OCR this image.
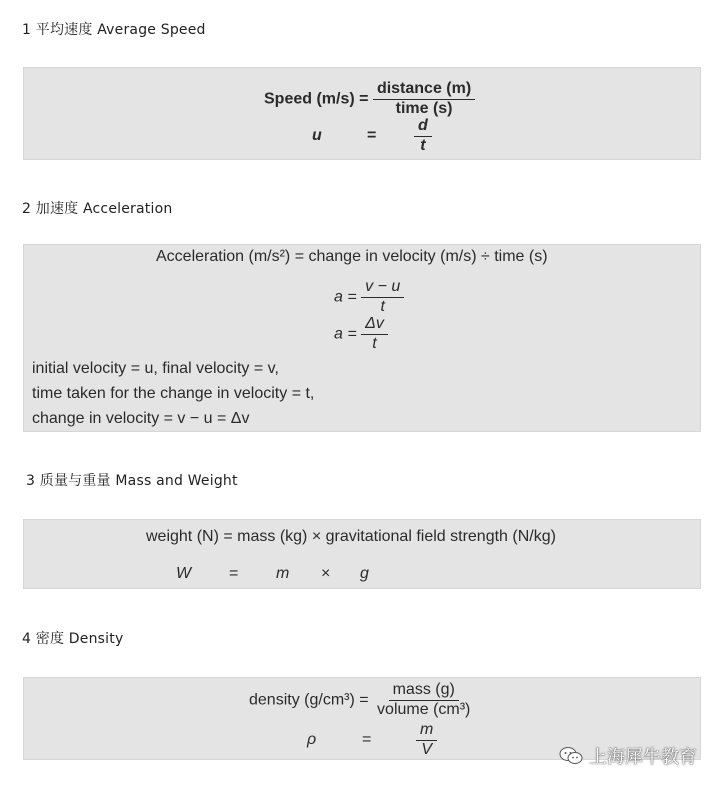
1 平均速度 Average Speed
Speed $(m/s) = \frac{\text{distance (m)}}{\text{time (s)}}$
u	= $\frac{d}{t}$
2 加速度 Acceleration
Acceleration (m/s²) = change in velocity (m/s) ÷ time (s)
$a = \frac{v - u}{t}$
$a = \frac{\Delta v}{t}$
initial velocity = u, final velocity = v,
time taken for the change in velocity = t,
change in velocity = v − u = Δv
3 质量与重量 Mass and Weight
weight (N) = mass (kg) × gravitational field strength (N/kg)
W = m × g
4 密度 Density
density $(g/cm^3) = \frac{\text{mass (g)}}{\text{volume (cm³)}}$
ρ	=	$\frac{m}{V}$	上海犀牛教育
